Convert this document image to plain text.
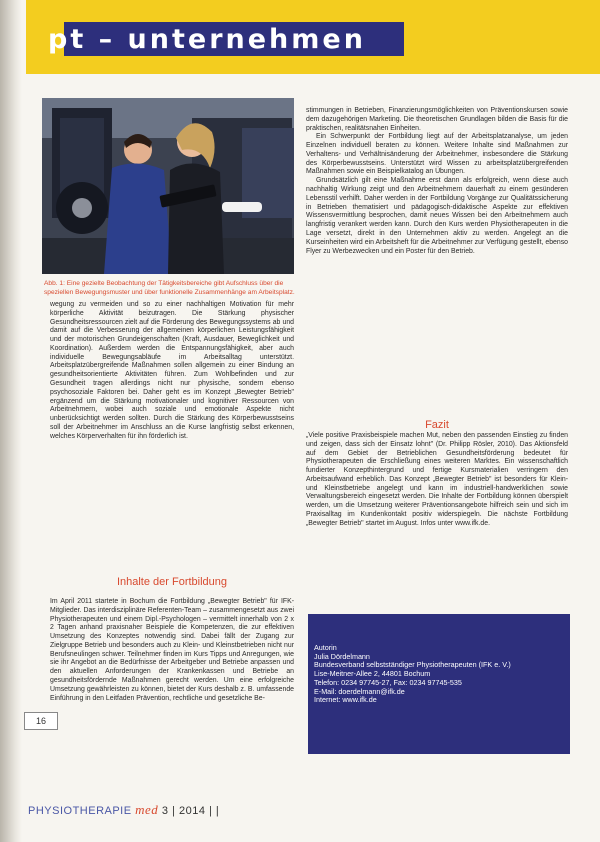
pt – unternehmen
Abb. 1: Eine gezielte Beobachtung der Tätigkeitsbereiche gibt Aufschluss über die speziellen Bewegungsmuster und über funktionelle Zusammenhänge am Arbeitsplatz.

wegung zu vermeiden und so zu einer nachhaltigen Motivation für mehr körperliche Aktivität beizutragen. Die Stärkung physischer Gesundheitsressourcen zielt auf die Förderung des Bewegungssystems ab und damit auf die Verbesserung der allgemeinen körperlichen Leistungsfähigkeit und der motorischen Grundeigenschaften (Kraft, Ausdauer, Beweglichkeit und Koordination). Außerdem werden die Entspannungsfähigkeit, aber auch individuelle Bewegungsabläufe im Arbeitsalltag unterstützt. Arbeitsplatzübergreifende Maßnahmen sollen allgemein zu einer Bindung an gesundheitsorientierte Aktivitäten führen. Zum Wohlbefinden und zur Gesundheit tragen allerdings nicht nur physische, sondern ebenso psychosoziale Faktoren bei. Daher geht es im Konzept „Bewegter Betrieb" ergänzend um die Stärkung motivationaler und kognitiver Ressourcen von Arbeitnehmern, wobei auch soziale und emotionale Aspekte nicht unberücksichtigt werden sollten. Durch die Stärkung des Körperbewusstseins soll der Arbeitnehmer im Anschluss an die Kurse langfristig selbst erkennen, welches Körperverhalten für ihn förderlich ist.

Inhalte der Fortbildung

Im April 2011 startete in Bochum die Fortbildung „Bewegter Betrieb" für IFK-Mitglieder. Das interdisziplinäre Referenten-Team – zusammengesetzt aus zwei Physiotherapeuten und einem Dipl.-Psychologen – vermittelt innerhalb von 2 x 2 Tagen anhand praxisnaher Beispiele die Kompetenzen, die zur effektiven Umsetzung des Konzeptes notwendig sind. Dabei fällt der Zugang zur Zielgruppe Betrieb und besonders auch zu Klein- und Kleinstbetrieben nicht nur Berufsneulingen schwer. Teilnehmer finden im Kurs Tipps und Anregungen, wie sie ihr Angebot an die Bedürfnisse der Arbeitgeber und Betriebe anpassen und den aktuellen Anforderungen der Krankenkassen und Betriebe an gesundheitsfördernde Maßnahmen gerecht werden. Um eine erfolgreiche Umsetzung gewährleisten zu können, bietet der Kurs deshalb z. B. umfassende Einführung in den Leitfaden Prävention, rechtliche und gesetzliche Be-

stimmungen in Betrieben, Finanzierungsmöglichkeiten von Präventionskursen sowie dem dazugehörigen Marketing. Die theoretischen Grundlagen bilden die Basis für die praktischen, realitätsnahen Einheiten.

Ein Schwerpunkt der Fortbildung liegt auf der Arbeitsplatzanalyse, um jeden Einzelnen individuell beraten zu können. Weitere Inhalte sind Maßnahmen zur Verhaltens- und Verhältnisänderung der Arbeitnehmer, insbesondere die Stärkung des Körperbewusstseins. Unterstützt wird Wissen zu arbeitsplatzübergreifenden Maßnahmen sowie ein Beispielkatalog an Übungen.

Grundsätzlich gilt eine Maßnahme erst dann als erfolgreich, wenn diese auch nachhaltig Wirkung zeigt und den Arbeitnehmern dauerhaft zu einem gesünderen Lebensstil verhilft. Daher werden in der Fortbildung Vorgänge zur Qualitätssicherung in Betrieben thematisiert und pädagogisch-didaktische Aspekte zur effektiven Wissensvermittlung besprochen, damit neues Wissen bei den Arbeitnehmern auch langfristig verankert werden kann. Durch den Kurs werden Physiotherapeuten in die Lage versetzt, direkt in den Unternehmen aktiv zu werden. Angelegt an die Kurseinheiten wird ein Arbeitsheft für die Arbeitnehmer zur Verfügung gestellt, ebenso Flyer zu Werbezwecken und ein Poster für den Betrieb.

Fazit

„Viele positive Praxisbeispiele machen Mut, neben den passenden Einstieg zu finden und zeigen, dass sich der Einsatz lohnt" (Dr. Philipp Rösler, 2010). Das Aktionsfeld auf dem Gebiet der Betrieblichen Gesundheitsförderung bedeutet für Physiotherapeuten die Erschließung eines weiteren Marktes. Ein wissenschaftlich fundierter Konzepthintergrund und fertige Kursmaterialien verringern den Arbeitsaufwand erheblich. Das Konzept „Bewegter Betrieb" ist besonders für Klein- und Kleinstbetriebe angelegt und kann im industriell-handwerklichen sowie Verwaltungsbereich eingesetzt werden. Die Inhalte der Fortbildung können überspielt werden, um die Umsetzung weiterer Präventionsangebote hilfreich sein und sich im Praxisalltag im Kundenkontakt positiv widerspiegeln. Die nächste Fortbildung „Bewegter Betrieb" startet im August. Infos unter www.ifk.de.

Autorin
Julia Dördelmann
Bundesverband selbstständiger Physiotherapeuten (IFK e. V.)
Lise-Meitner-Allee 2, 44801 Bochum
Telefon: 0234 97745-27, Fax: 0234 97745-535
E-Mail: doerdelmann@ifk.de
Internet: www.ifk.de
16
PHYSIOTHERAPIE med 3 | 2014 | |
